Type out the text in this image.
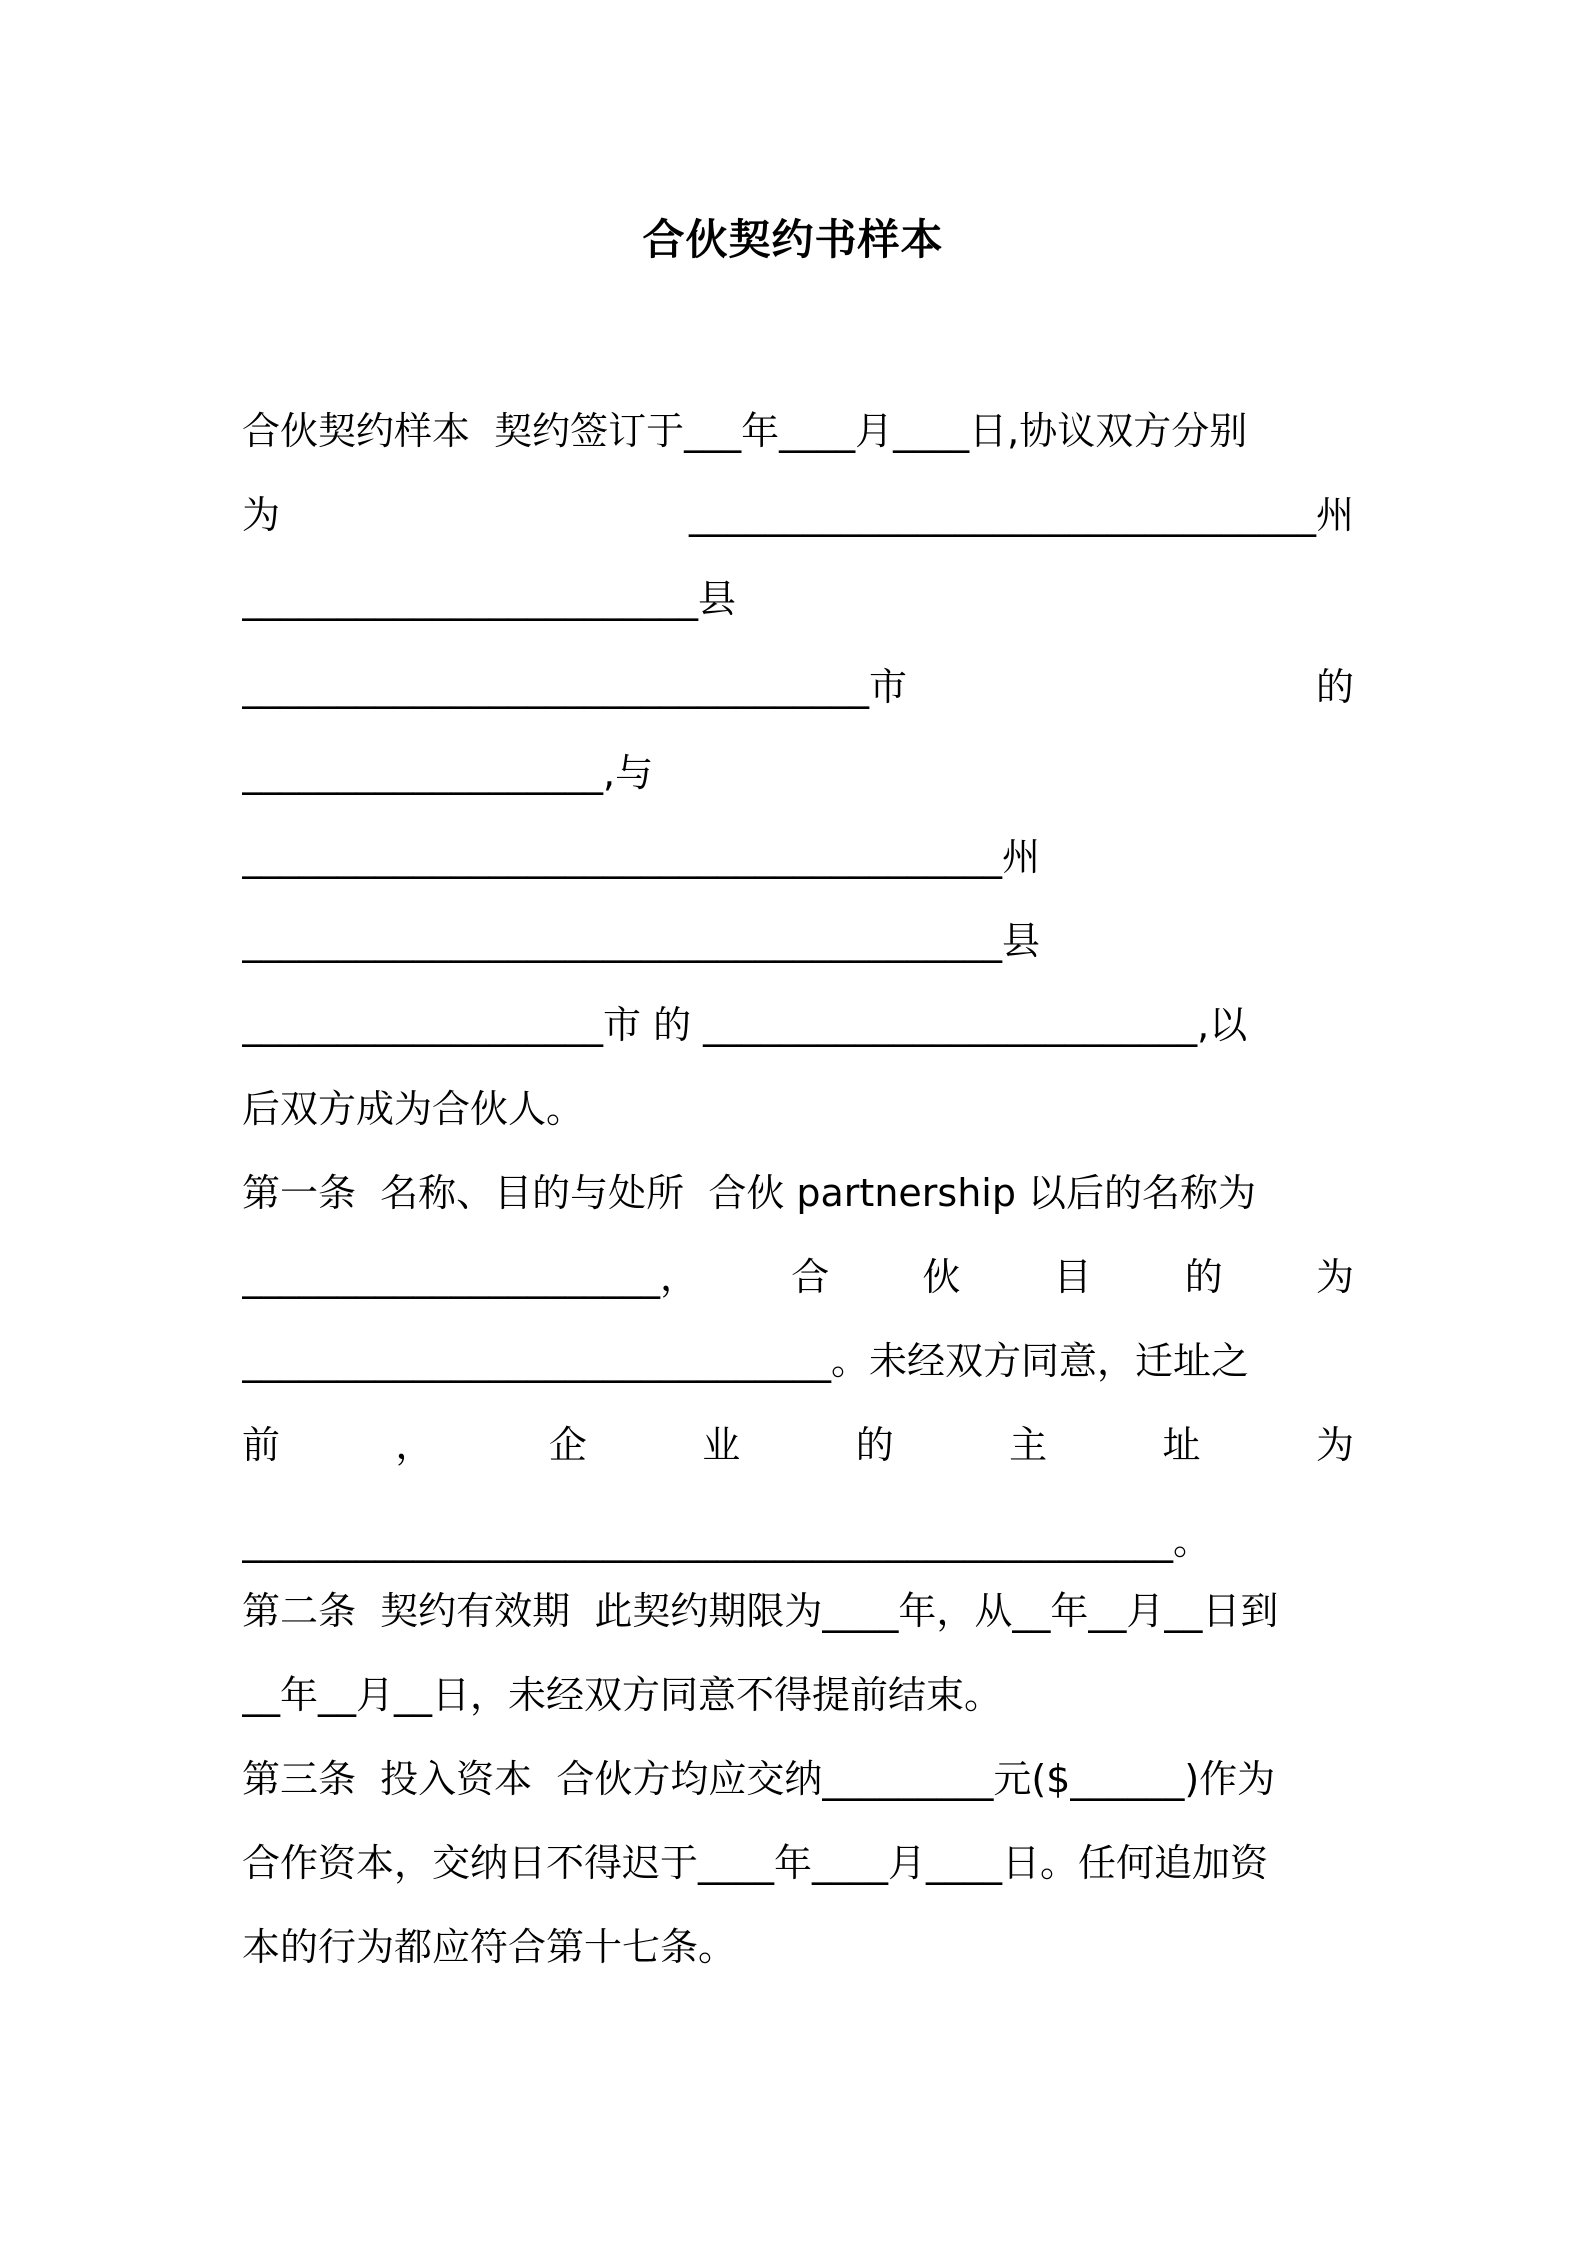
合伙契约书样本
合伙契约样本  契约签订于___年____月____日,协议双方分别
为	_________________________________州
________________________县
_________________________________市	的
___________________,与
________________________________________州
________________________________________县
___________________市 的 __________________________,以
后双方成为合伙人。
第一条  名称、目的与处所  合伙 partnership 以后的名称为
______________________， 合 伙 目 的 为
_______________________________。未经双方同意，迁址之
前	，	企	业	的	主	址	为
_________________________________________________。
第二条  契约有效期  此契约期限为____年，从__年__月__日到
__年__月__日，未经双方同意不得提前结束。
第三条  投入资本  合伙方均应交纳_________元($______)作为
合作资本，交纳日不得迟于____年____月____日。任何追加资
本的行为都应符合第十七条。
